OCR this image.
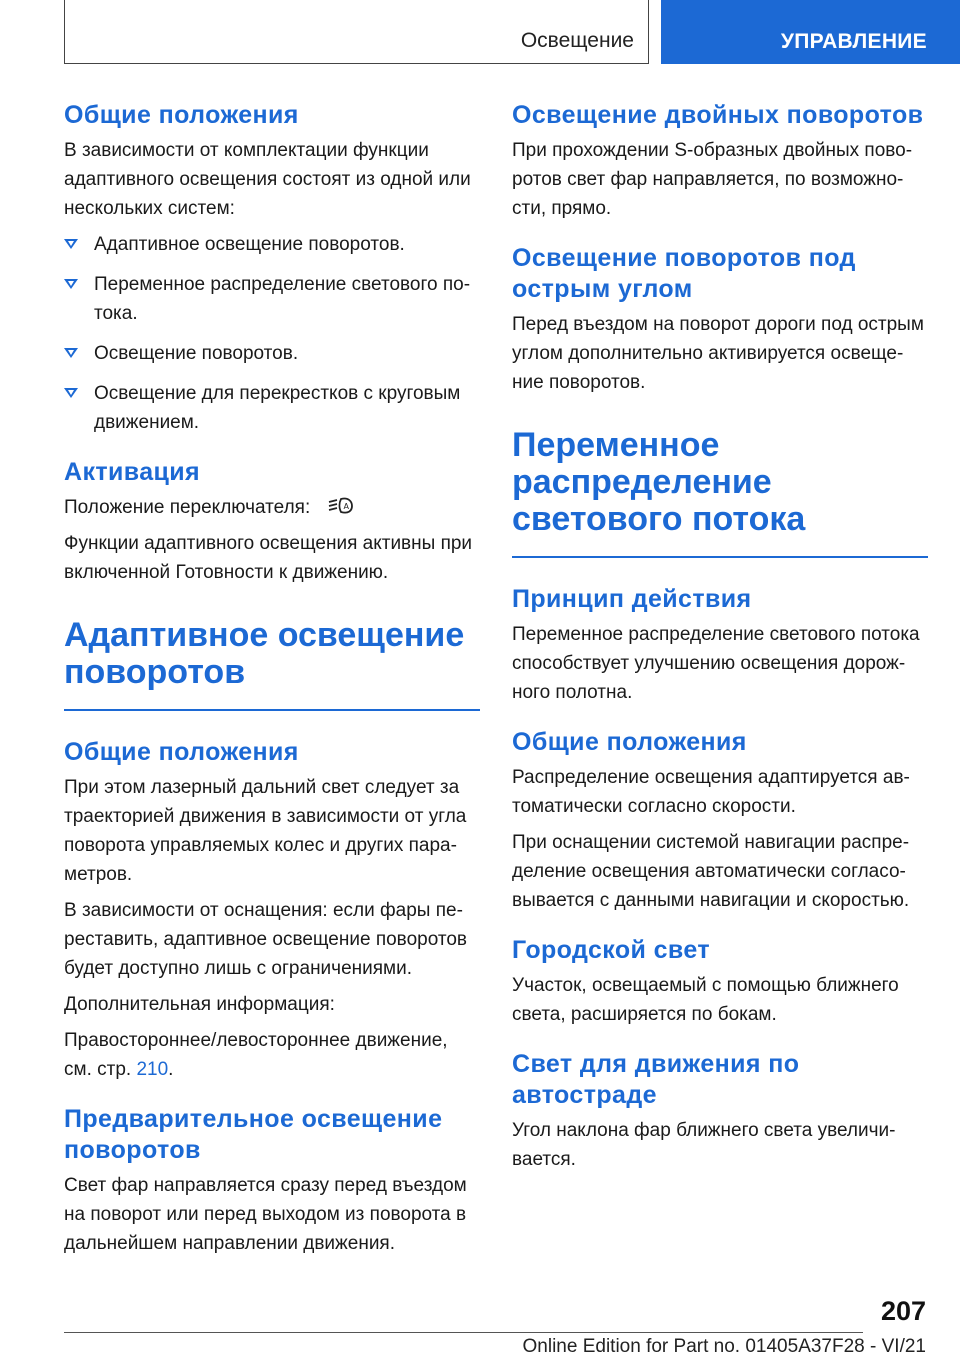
Освещение	УПРАВЛЕНИЕ
Общие положения

В зависимости от комплектации функции адаптивного освещения состоят из одной или нескольких систем:

Адаптивное освещение поворотов.
Переменное распределение светового потока.
Освещение поворотов.
Освещение для перекрестков с круговым движением.
Активация

Положение переключателя:	A

Функции адаптивного освещения активны при включенной Готовности к движению.

Адаптивное освещение поворотов
Общие положения

При этом лазерный дальний свет следует за траекторией движения в зависимости от угла поворота управляемых колес и других параметров.

В зависимости от оснащения: если фары переставить, адаптивное освещение поворотов будет доступно лишь с ограничениями.

Дополнительная информация:

Правостороннее/левостороннее движение, см. стр. 210.

Предварительное освещение поворотов

Свет фар направляется сразу перед въездом на поворот или перед выходом из поворота в дальнейшем направлении движения.

Освещение двойных поворотов

При прохождении S-образных двойных поворотов свет фар направляется, по возможности, прямо.

Освещение поворотов под острым углом

Перед въездом на поворот дороги под острым углом дополнительно активируется освещение поворотов.

Переменное распределение светового потока
Принцип действия

Переменное распределение светового потока способствует улучшению освещения дорожного полотна.

Общие положения

Распределение освещения адаптируется автоматически согласно скорости.

При оснащении системой навигации распределение освещения автоматически согласовывается с данными навигации и скоростью.

Городской свет

Участок, освещаемый с помощью ближнего света, расширяется по бокам.

Свет для движения по автостраде

Угол наклона фар ближнего света увеличивается.

207
Online Edition for Part no. 01405A37F28 - VI/21
